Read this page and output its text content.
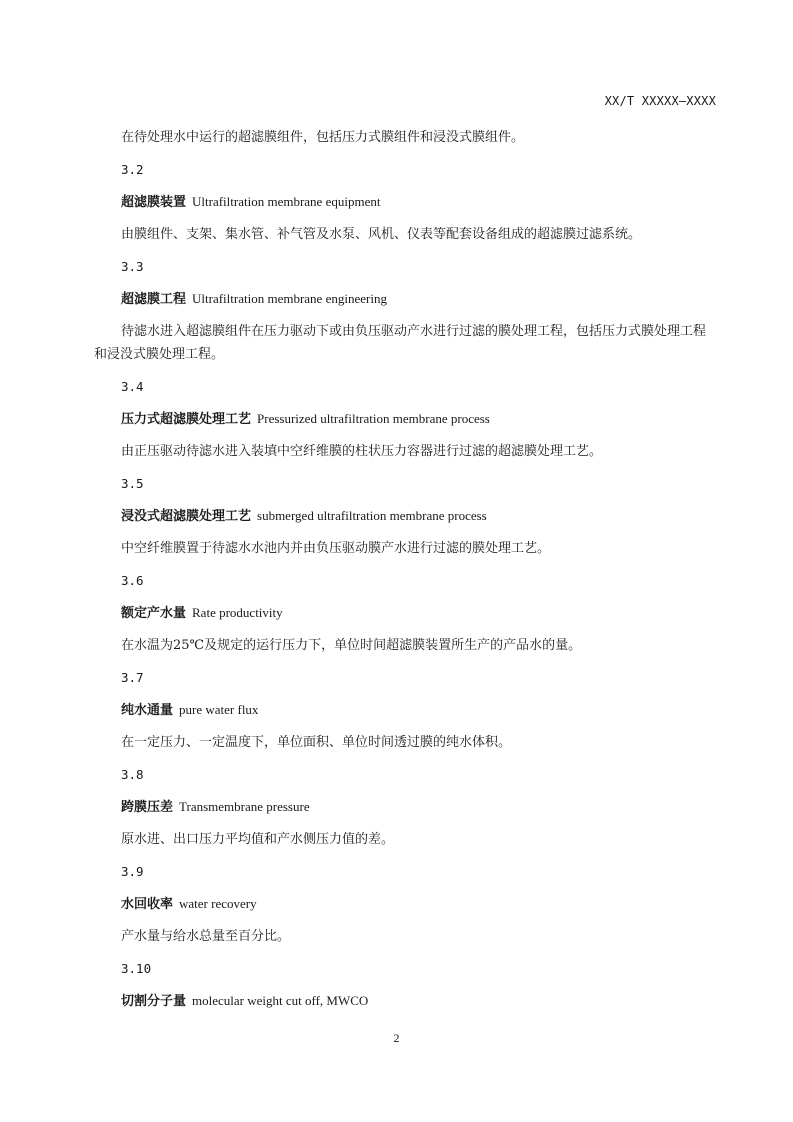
XX/T XXXXX—XXXX

在待处理水中运行的超滤膜组件，包括压力式膜组件和浸没式膜组件。

3.2
超滤膜装置 Ultrafiltration membrane equipment

由膜组件、支架、集水管、补气管及水泵、风机、仪表等配套设备组成的超滤膜过滤系统。

3.3
超滤膜工程 Ultrafiltration membrane engineering

待滤水进入超滤膜组件在压力驱动下或由负压驱动产水进行过滤的膜处理工程，包括压力式膜处理工程和浸没式膜处理工程。

3.4
压力式超滤膜处理工艺 Pressurized ultrafiltration membrane process

由正压驱动待滤水进入装填中空纤维膜的柱状压力容器进行过滤的超滤膜处理工艺。

3.5
浸没式超滤膜处理工艺 submerged ultrafiltration membrane process

中空纤维膜置于待滤水水池内并由负压驱动膜产水进行过滤的膜处理工艺。

3.6
额定产水量 Rate productivity

在水温为25℃及规定的运行压力下，单位时间超滤膜装置所生产的产品水的量。

3.7
纯水通量 pure water flux

在一定压力、一定温度下，单位面积、单位时间透过膜的纯水体积。

3.8
跨膜压差 Transmembrane pressure

原水进、出口压力平均值和产水侧压力值的差。

3.9
水回收率 water recovery

产水量与给水总量至百分比。

3.10
切割分子量 molecular weight cut off, MWCO
2
